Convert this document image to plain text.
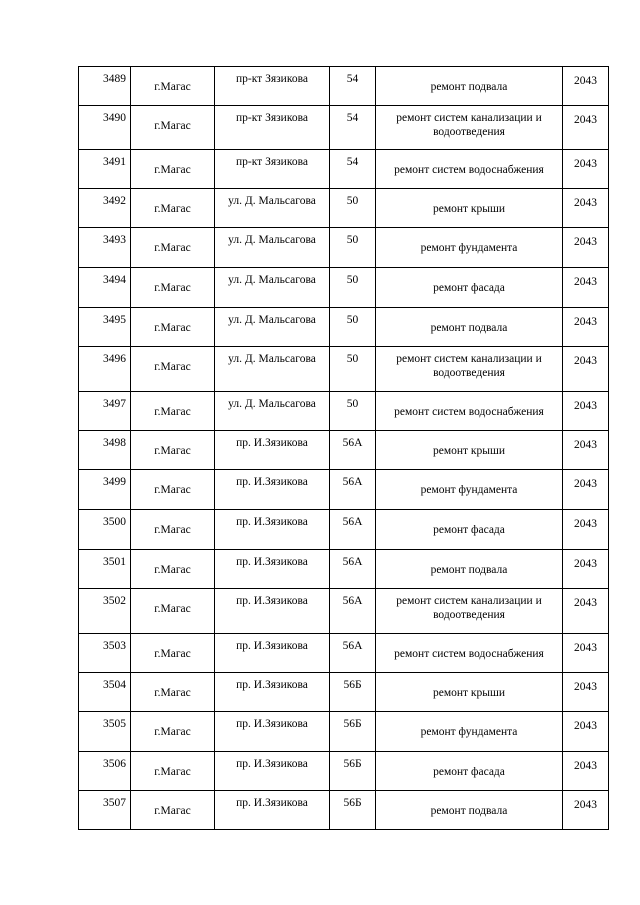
3489	г.Магас	пр-кт Зязикова	54	ремонт подвала	2043
3490	г.Магас	пр-кт Зязикова	54	ремонт систем канализации и водоотведения	2043
3491	г.Магас	пр-кт Зязикова	54	ремонт систем водоснабжения	2043
3492	г.Магас	ул. Д. Мальсагова	50	ремонт крыши	2043
3493	г.Магас	ул. Д. Мальсагова	50	ремонт фундамента	2043
3494	г.Магас	ул. Д. Мальсагова	50	ремонт фасада	2043
3495	г.Магас	ул. Д. Мальсагова	50	ремонт подвала	2043
3496	г.Магас	ул. Д. Мальсагова	50	ремонт систем канализации и водоотведения	2043
3497	г.Магас	ул. Д. Мальсагова	50	ремонт систем водоснабжения	2043
3498	г.Магас	пр. И.Зязикова	56А	ремонт крыши	2043
3499	г.Магас	пр. И.Зязикова	56А	ремонт фундамента	2043
3500	г.Магас	пр. И.Зязикова	56А	ремонт фасада	2043
3501	г.Магас	пр. И.Зязикова	56А	ремонт подвала	2043
3502	г.Магас	пр. И.Зязикова	56А	ремонт систем канализации и водоотведения	2043
3503	г.Магас	пр. И.Зязикова	56А	ремонт систем водоснабжения	2043
3504	г.Магас	пр. И.Зязикова	56Б	ремонт крыши	2043
3505	г.Магас	пр. И.Зязикова	56Б	ремонт фундамента	2043
3506	г.Магас	пр. И.Зязикова	56Б	ремонт фасада	2043
3507	г.Магас	пр. И.Зязикова	56Б	ремонт подвала	2043
